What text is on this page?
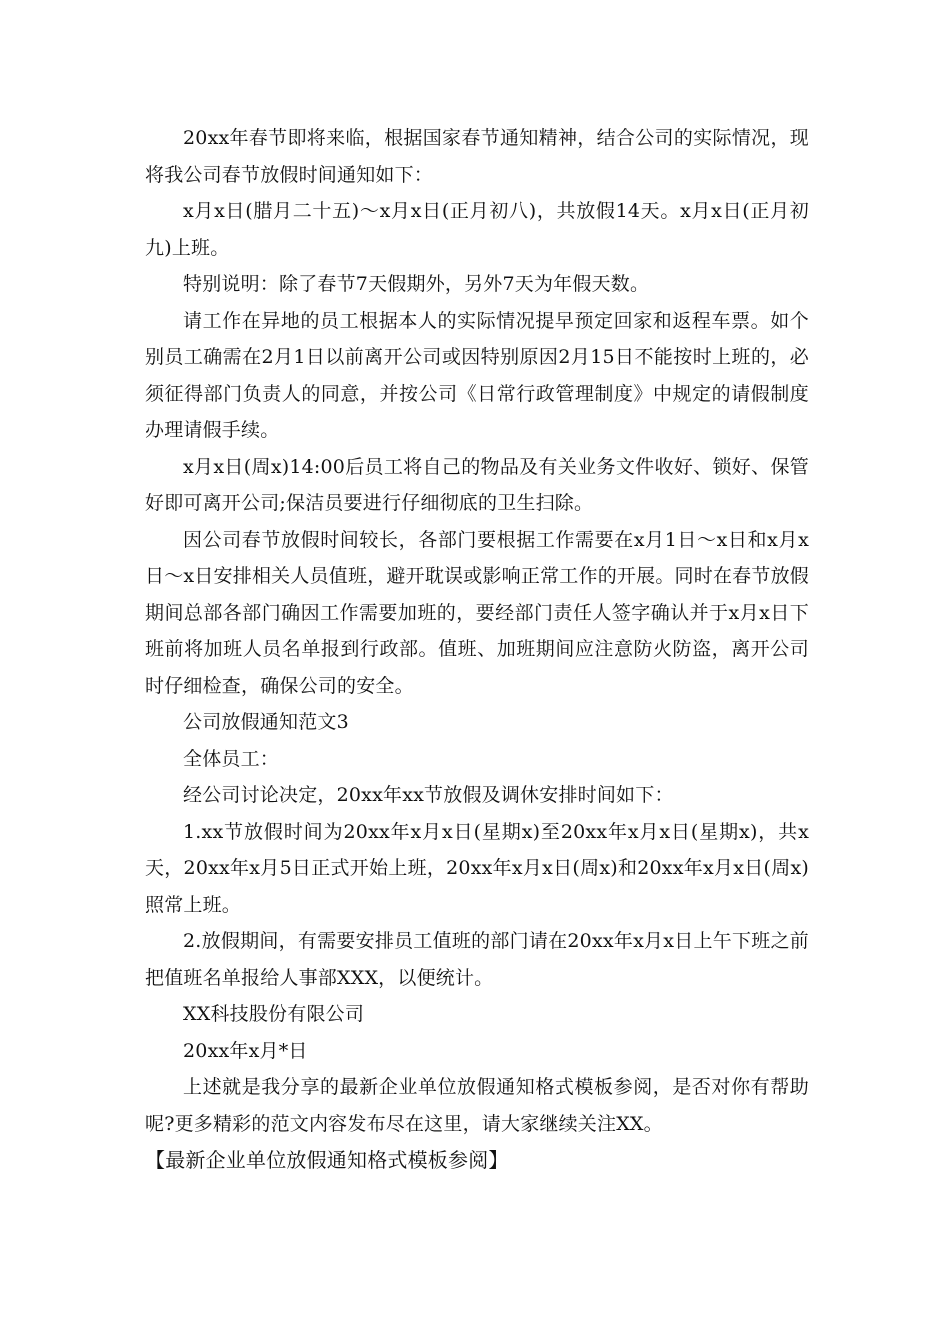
20xx年春节即将来临，根据国家春节通知精神，结合公司的实际情况，现将我公司春节放假时间通知如下：

x月x日(腊月二十五)～x月x日(正月初八)，共放假14天。x月x日(正月初九)上班。

特别说明：除了春节7天假期外，另外7天为年假天数。

请工作在异地的员工根据本人的实际情况提早预定回家和返程车票。如个别员工确需在2月1日以前离开公司或因特别原因2月15日不能按时上班的，必须征得部门负责人的同意，并按公司《日常行政管理制度》中规定的请假制度办理请假手续。

x月x日(周x)14:00后员工将自己的物品及有关业务文件收好、锁好、保管好即可离开公司;保洁员要进行仔细彻底的卫生扫除。

因公司春节放假时间较长，各部门要根据工作需要在x月1日～x日和x月x日～x日安排相关人员值班，避开耽误或影响正常工作的开展。同时在春节放假期间总部各部门确因工作需要加班的，要经部门责任人签字确认并于x月x日下班前将加班人员名单报到行政部。值班、加班期间应注意防火防盗，离开公司时仔细检查，确保公司的安全。

公司放假通知范文3

全体员工：

经公司讨论决定，20xx年xx节放假及调休安排时间如下：

1.xx节放假时间为20xx年x月x日(星期x)至20xx年x月x日(星期x)，共x天，20xx年x月5日正式开始上班，20xx年x月x日(周x)和20xx年x月x日(周x)照常上班。

2.放假期间，有需要安排员工值班的部门请在20xx年x月x日上午下班之前把值班名单报给人事部XXX，以便统计。

XX科技股份有限公司

20xx年x月*日

上述就是我分享的最新企业单位放假通知格式模板参阅，是否对你有帮助呢?更多精彩的范文内容发布尽在这里，请大家继续关注XX。

【最新企业单位放假通知格式模板参阅】
